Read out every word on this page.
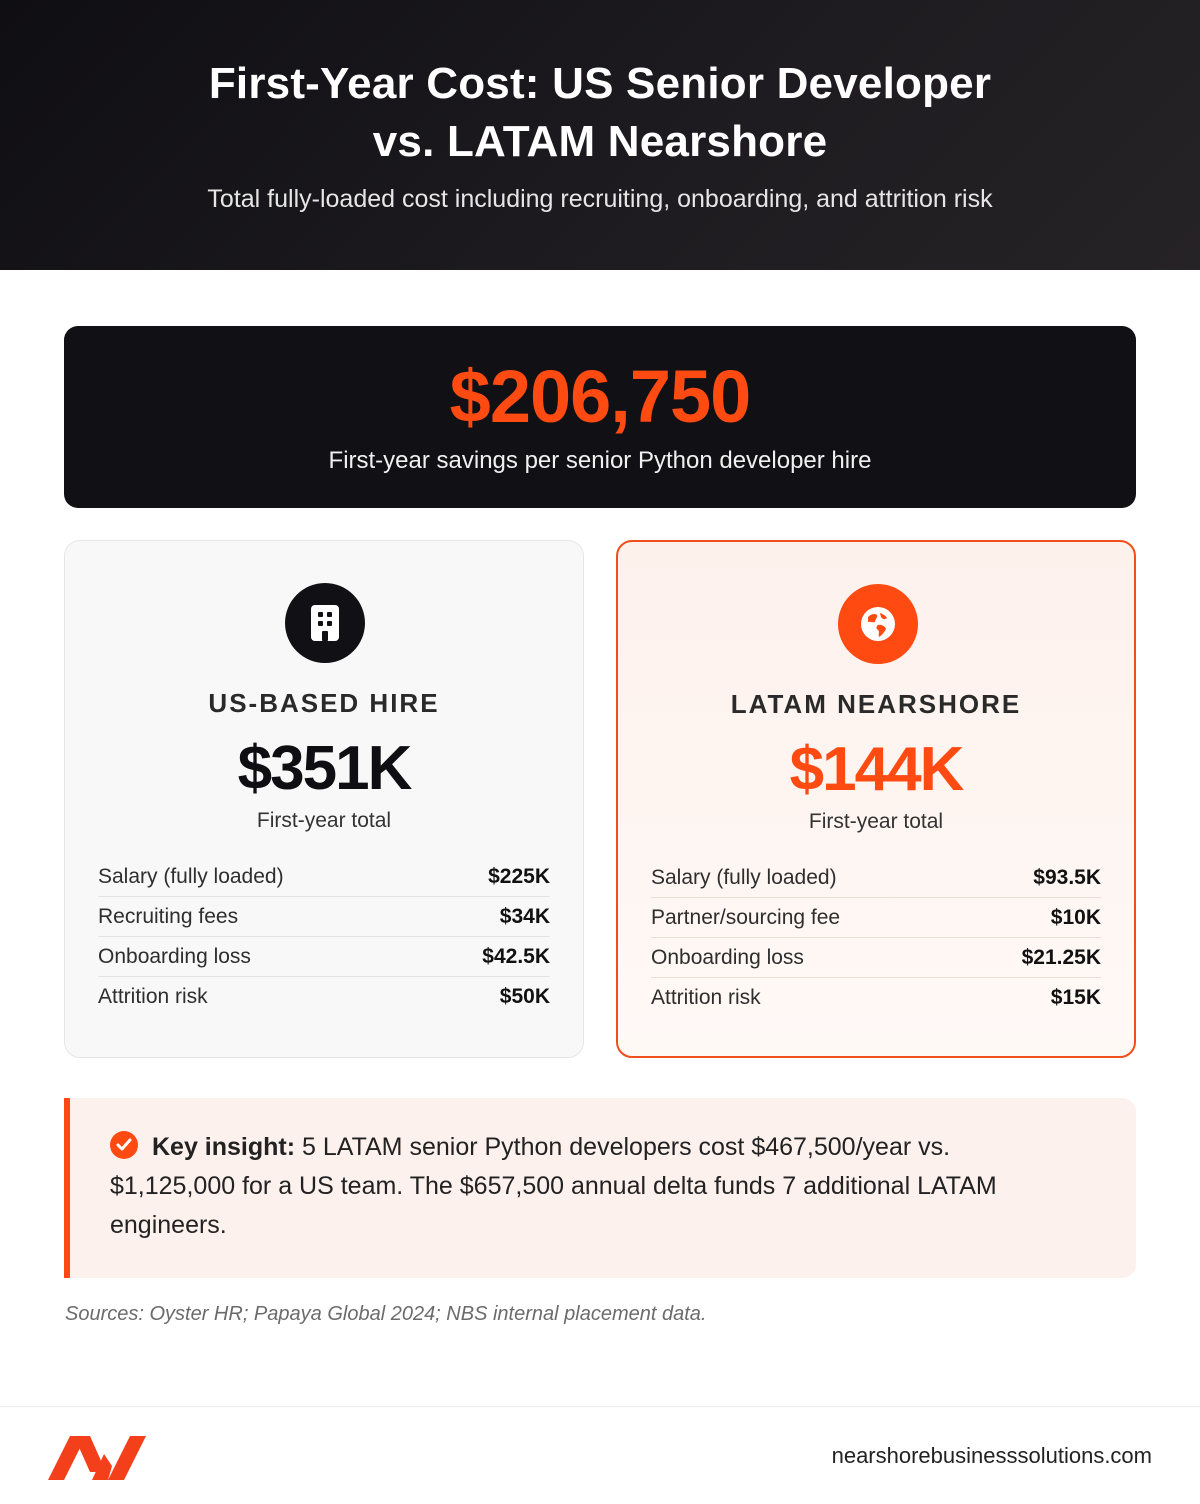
First-Year Cost: US Senior Developer
vs. LATAM Nearshore
Total fully-loaded cost including recruiting, onboarding, and attrition risk
$206,750
First-year savings per senior Python developer hire
US-BASED HIRE
$351K
First-year total
Salary (fully loaded)	$225K
Recruiting fees	$34K
Onboarding loss	$42.5K
Attrition risk	$50K
LATAM NEARSHORE
$144K
First-year total
Salary (fully loaded)	$93.5K
Partner/sourcing fee	$10K
Onboarding loss	$21.25K
Attrition risk	$15K
Key insight: 5 LATAM senior Python developers cost $467,500/year vs. $1,125,000 for a US team. The $657,500 annual delta funds 7 additional LATAM engineers.
Sources: Oyster HR; Papaya Global 2024; NBS internal placement data.
nearshorebusinesssolutions.com
